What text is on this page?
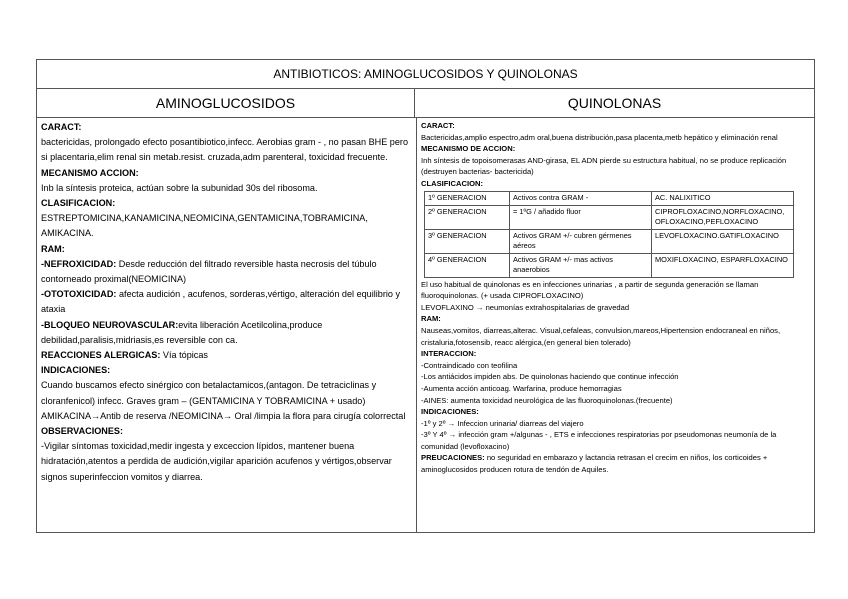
ANTIBIOTICOS: AMINOGLUCOSIDOS Y QUINOLONAS
AMINOGLUCOSIDOS	QUINOLONAS

CARACT:

bactericidas, prolongado efecto posantibiotico,infecc. Aerobias gram - , no pasan BHE pero si placentaria,elim renal sin metab.resist. cruzada,adm parenteral, toxicidad frecuente.

MECANISMO ACCION:

Inb la síntesis proteica, actúan sobre la subunidad 30s del ribosoma.

CLASIFICACION:

ESTREPTOMICINA,KANAMICINA,NEOMICINA,GENTAMICINA,TOBRAMICINA, AMIKACINA.

RAM:

-NEFROXICIDAD: Desde reducción del filtrado reversible hasta necrosis del túbulo contorneado proximal(NEOMICINA)

-OTOTOXICIDAD: afecta audición , acufenos, sorderas,vértigo, alteración del equilibrio y ataxia

-BLOQUEO NEUROVASCULAR:evita liberación Acetilcolina,produce debilidad,paralisis,midriasis,es reversible con ca.

REACCIONES ALERGICAS: Vía tópicas

INDICACIONES:

Cuando buscamos efecto sinérgico con betalactamicos,(antagon. De tetraciclinas y cloranfenicol) infecc. Graves gram – (GENTAMICINA Y TOBRAMICINA + usado)

AMIKACINA→Antib de reserva /NEOMICINA→ Oral /limpia la flora para cirugía colorrectal

OBSERVACIONES:

-Vigilar síntomas toxicidad,medir ingesta y exceccion lípidos, mantener buena hidratación,atentos a perdida de audición,vigilar aparición acufenos y vértigos,observar signos superinfeccion vomitos y diarrea.

CARACT:

Bactericidas,amplio espectro,adm oral,buena distribución,pasa placenta,metb hepático y eliminación renal

MECANISMO DE ACCION:

Inh síntesis de topoisomerasas AND-girasa, EL ADN pierde su estructura habitual, no se produce replicación (destruyen bacterias- bactericida)

CLASIFICACION:

1º GENERACION	Activos contra GRAM -	AC. NALIXITICO
2º GENERACION	= 1ºG / añadido fluor	CIPROFLOXACINO,NORFLOXACINO, OFLOXACINO,PEFLOXACINO
3º GENERACION	Activos GRAM +/- cubren gérmenes aéreos	LEVOFLOXACINO.GATIFLOXACINO
4º GENERACION	Activos GRAM +/- mas activos anaerobios	MOXIFLOXACINO, ESPARFLOXACINO

El uso habitual de quinolonas es en infecciones urinarias , a partir de segunda generación se llaman fluoroquinolonas. (+ usada CIPROFLOXACINO)

LEVOFLAXINO → neumonías extrahospitalarias de gravedad

RAM:

Nauseas,vomitos, diarreas,alterac. Visual,cefaleas, convulsion,mareos,Hipertension endocraneal en niños, cristaluria,fotosensib, reacc alérgica,(en general bien tolerado)

INTERACCION:

-Contraindicado con teofilina

-Los antiácidos impiden abs. De quinolonas haciendo que continue infección

-Aumenta acción anticoag. Warfarina, produce hemorragias

-AINES: aumenta toxicidad neurológica de las fluoroquinolonas.(frecuente)

INDICACIONES:

-1º y 2º → Infeccion urinaria/ diarreas del viajero

-3º Y 4º → infección gram +/algunas - , ETS e infecciones respiratorias por pseudomonas neumonía de la comunidad (levofloxacino)

PREUCACIONES: no seguridad en embarazo y lactancia retrasan el crecim en niños, los corticoides + aminoglucosidos producen rotura de tendón de Aquiles.
